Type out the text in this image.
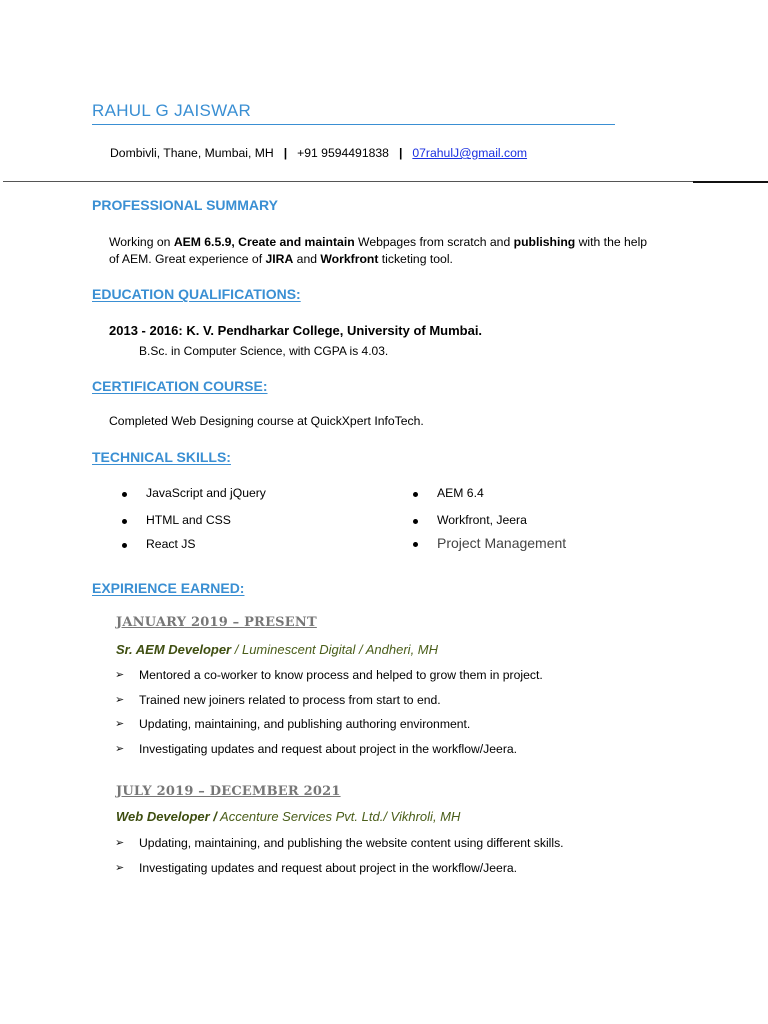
RAHUL G JAISWAR
Dombivli, Thane, Mumbai, MH | +91 9594491838 | 07rahulJ@gmail.com
PROFESSIONAL SUMMARY
Working on AEM 6.5.9, Create and maintain Webpages from scratch and publishing with the help
of AEM. Great experience of JIRA and Workfront ticketing tool.
EDUCATION QUALIFICATIONS:
2013 - 2016: K. V. Pendharkar College, University of Mumbai.
B.Sc. in Computer Science, with CGPA is 4.03.
CERTIFICATION COURSE:
Completed Web Designing course at QuickXpert InfoTech.
TECHNICAL SKILLS:
JavaScript and jQuery
HTML and CSS
React JS
AEM 6.4
Workfront, Jeera
Project Management
EXPIRIENCE EARNED:
JANUARY 2019 – PRESENT
Sr. AEM Developer / Luminescent Digital / Andheri, MH
➢ Mentored a co-worker to know process and helped to grow them in project.
➢ Trained new joiners related to process from start to end.
➢ Updating, maintaining, and publishing authoring environment.
➢ Investigating updates and request about project in the workflow/Jeera.
JULY 2019 – DECEMBER 2021
Web Developer / Accenture Services Pvt. Ltd./ Vikhroli, MH
➢ Updating, maintaining, and publishing the website content using different skills.
➢ Investigating updates and request about project in the workflow/Jeera.
